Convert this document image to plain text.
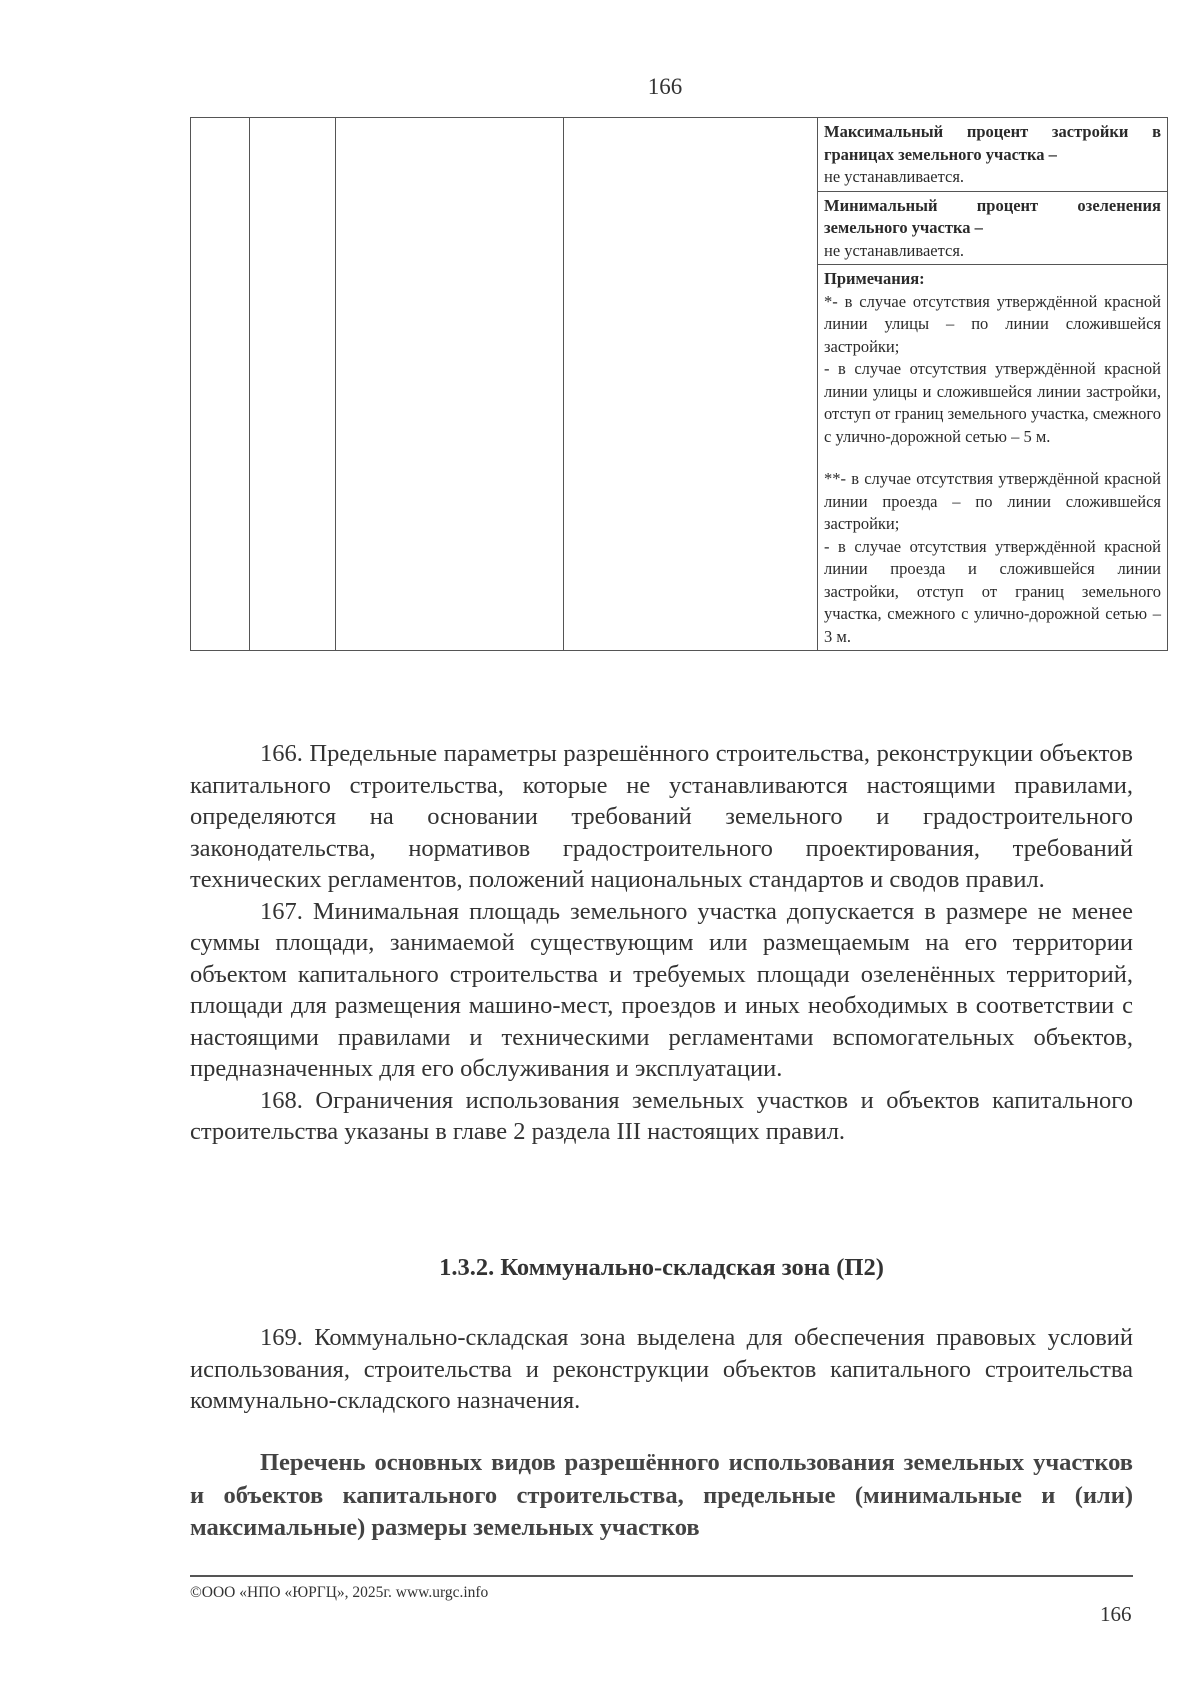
166
				Максимальный процент застройки в границах земельного участка –
не устанавливается.
Минимальный процент озеленения земельного участка –
не устанавливается.
Примечания:
*- в случае отсутствия утверждённой красной линии улицы – по линии сложившейся застройки;
- в случае отсутствия утверждённой красной линии улицы и сложившейся линии застройки, отступ от границ земельного участка, смежного с улично-дорожной сетью – 5 м.
**- в случае отсутствия утверждённой красной линии проезда – по линии сложившейся застройки;
- в случае отсутствия утверждённой красной линии проезда и сложившейся линии застройки, отступ от границ земельного участка, смежного с улично-дорожной сетью – 3 м.

166. Предельные параметры разрешённого строительства, реконструкции объектов капитального строительства, которые не устанавливаются настоящими правилами, определяются на основании требований земельного и градостроительного законодательства, нормативов градостроительного проектирования, требований технических регламентов, положений национальных стандартов и сводов правил.

167. Минимальная площадь земельного участка допускается в размере не менее суммы площади, занимаемой существующим или размещаемым на его территории объектом капитального строительства и требуемых площади озеленённых территорий, площади для размещения машино-мест, проездов и иных необходимых в соответствии с настоящими правилами и техническими регламентами вспомогательных объектов, предназначенных для его обслуживания и эксплуатации.

168. Ограничения использования земельных участков и объектов капитального строительства указаны в главе 2 раздела III настоящих правил.

1.3.2. Коммунально-складская зона (П2)

169. Коммунально-складская зона выделена для обеспечения правовых условий использования, строительства и реконструкции объектов капитального строительства коммунально-складского назначения.

Перечень основных видов разрешённого использования земельных участков и объектов капитального строительства, предельные (минимальные и (или) максимальные) размеры земельных участков

©ООО «НПО «ЮРГЦ», 2025г. www.urgc.info
166
